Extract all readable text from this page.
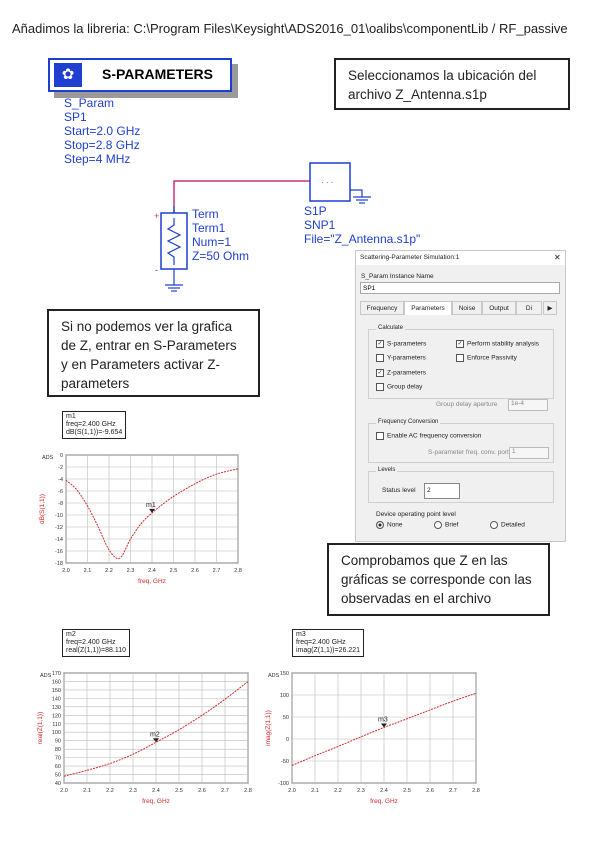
Añadimos la libreria: C:\Program Files\Keysight\ADS2016_01\oalibs\componentLib / RF_passive
✿	S-PARAMETERS
S_Param
SP1
Start=2.0 GHz
Stop=2.8 GHz
Step=4 MHz
Seleccionamos la ubicación del archivo Z_Antenna.s1p
· · ·
+
-
Term
Term1
Num=1
Z=50 Ohm
S1P
SNP1
File="Z_Antenna.s1p"
Scattering-Parameter Simulation:1	✕
S_Param Instance Name
SP1
Frequency	Parameters	Noise	Output	Di	▶
Calculate
✓ S-parameters	✓ Perform stability analysis
Y-parameters	Enforce Passivity
✓ Z-parameters
Group delay
Group delay aperture	1e-4
Frequency Conversion
Enable AC frequency conversion
S-parameter freq. conv. port 1
Levels
Status level	2
Device operating point level
None	Brief	Detailed
Si no podemos ver la grafica de Z, entrar en S-Parameters y en Parameters activar Z-parameters
Comprobamos que Z en las gráficas se corresponde con las observadas en el archivo
m1
freq=2.400 GHz
dB(S(1,1))=-9.654
2.0	2.1	2.2	2.3	2.4	2.5	2.6	2.7	2.8
0
-2
-4
-6
-8
-10
-12
-14
-16
-18
ADS
freq, GHz
dB(S(1,1))	m1
m2
freq=2.400 GHz
real(Z(1,1))=88.110
2.0	2.1	2.2	2.3	2.4	2.5	2.6	2.7	2.8
170
160
150
140
130
120
110
100
90
80
70
60
50
40
ADS
freq, GHz
real(Z(1,1))	m2
m3
freq=2.400 GHz
imag(Z(1,1))=26.221
2.0	2.1	2.2	2.3	2.4	2.5	2.6	2.7	2.8
150
100
50
0
-50
-100
ADS
freq, GHz
imag(Z(1,1))	m3
